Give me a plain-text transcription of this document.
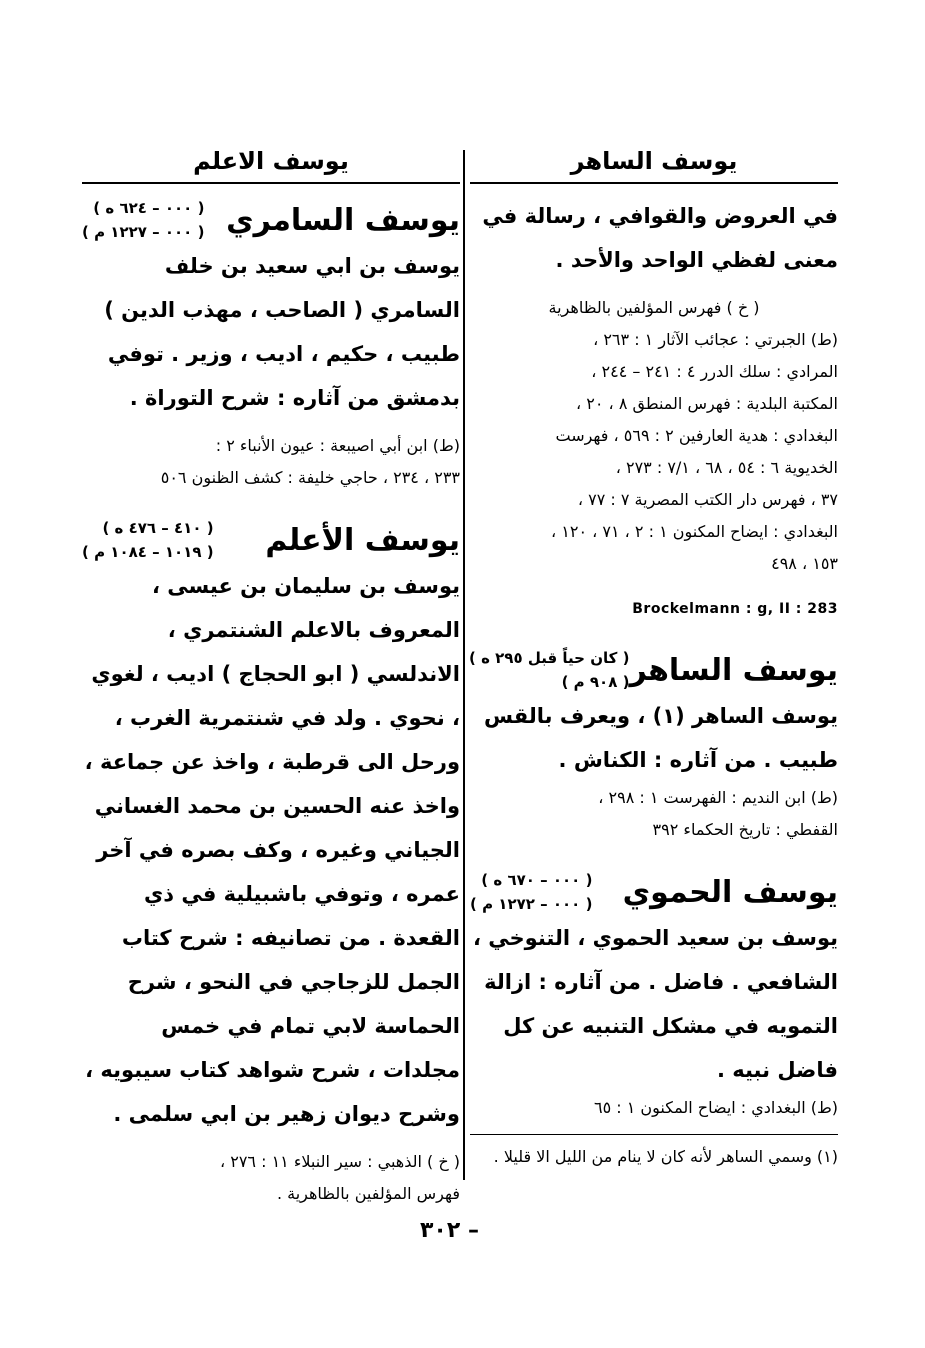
يوسف الساهر

في العروض والقوافي ، رسالة في معنى لفظي الواحد والأحد .

( خ ) فهرس المؤلفين بالظاهرية

(ط) الجبرتي : عجائب الآثار ١ : ٢٦٣ ،

المرادي : سلك الدرر ٤ : ٢٤١ – ٢٤٤ ،

المكتبة البلدية : فهرس المنطق ٨ ، ٢٠ ،

البغدادي : هدية العارفين ٢ : ٥٦٩ ، فهرست

الخديوية ٦ : ٥٤ ، ٦٨ ، ٧/١ : ٢٧٣ ،

٣٧ ، فهرس دار الكتب المصرية ٧ : ٧٧ ،

البغدادي : ايضاح المكنون ١ : ٢ ، ٧١ ، ١٢٠ ،

١٥٣ ، ٤٩٨

Brockelmann : g, II : 283

يوسف الساهر
( كان حياً قبل ٢٩٥ ه )
( ٩٠٨ م )

يوسف الساهر (١) ، ويعرف بالقس طبيب . من آثاره : الكناش .

(ط) ابن النديم : الفهرست ١ : ٢٩٨ ،

القفطي : تاريخ الحكماء ٣٩٢

يوسف الحموي
( ٠٠٠ – ٦٧٠ ه )
( ٠٠٠ – ١٢٧٢ م )

يوسف بن سعيد الحموي ، التنوخي ، الشافعي . فاضل . من آثاره : ازالة التمويه في مشكل التنبيه عن كل فاضل نبيه .

(ط) البغدادي : ايضاح المكنون ١ : ٦٥

(١) وسمي الساهر لأنه كان لا ينام من الليل الا قليلا .

يوسف الاعلم
يوسف السامري
( ٠٠٠ – ٦٢٤ ه )
( ٠٠٠ – ١٢٢٧ م )

يوسف بن ابي سعيد بن خلف السامري ( الصاحب ، مهذب الدين ) طبيب ، حكيم ، اديب ، وزير . توفي بدمشق من آثاره : شرح التوراة .

(ط) ابن أبي اصيبعة : عيون الأنباء ٢ :

٢٣٣ ، ٢٣٤ ، حاجي خليفة : كشف الظنون ٥٠٦

يوسف الأعلم
( ٤١٠ – ٤٧٦ ه )
( ١٠١٩ – ١٠٨٤ م )

يوسف بن سليمان بن عيسى ، المعروف بالاعلم الشنتمري ، الاندلسي ( ابو الحجاج ) اديب ، لغوي ، نحوي . ولد في شنتمرية الغرب ، ورحل الى قرطبة ، واخذ عن جماعة ، واخذ عنه الحسين بن محمد الغساني الجياني وغيره ، وكف بصره في آخر عمره ، وتوفي باشبيلية في ذي القعدة . من تصانيفه : شرح كتاب الجمل للزجاجي في النحو ، شرح الحماسة لابي تمام في خمس مجلدات ، شرح شواهد كتاب سيبويه ، وشرح ديوان زهير بن ابي سلمى .

( خ ) الذهبي : سير النبلاء ١١ : ٢٧٦ ،

فهرس المؤلفين بالظاهرية .

– ٣٠٢
